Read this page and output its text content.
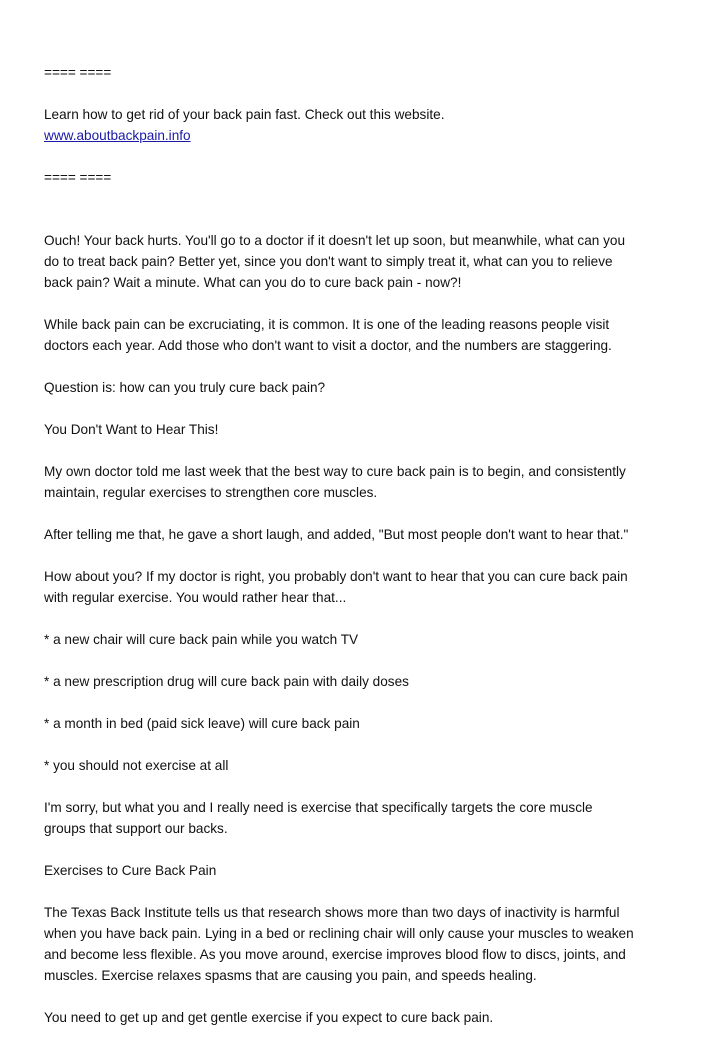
==== ====
Learn how to get rid of your back pain fast. Check out this website.
www.aboutbackpain.info
==== ====
Ouch! Your back hurts. You'll go to a doctor if it doesn't let up soon, but meanwhile, what can you
do to treat back pain? Better yet, since you don't want to simply treat it, what can you to relieve
back pain? Wait a minute. What can you do to cure back pain - now?!
While back pain can be excruciating, it is common. It is one of the leading reasons people visit
doctors each year. Add those who don't want to visit a doctor, and the numbers are staggering.
Question is: how can you truly cure back pain?
You Don't Want to Hear This!
My own doctor told me last week that the best way to cure back pain is to begin, and consistently
maintain, regular exercises to strengthen core muscles.
After telling me that, he gave a short laugh, and added, "But most people don't want to hear that."
How about you? If my doctor is right, you probably don't want to hear that you can cure back pain
with regular exercise. You would rather hear that...
* a new chair will cure back pain while you watch TV
* a new prescription drug will cure back pain with daily doses
* a month in bed (paid sick leave) will cure back pain
* you should not exercise at all
I'm sorry, but what you and I really need is exercise that specifically targets the core muscle
groups that support our backs.
Exercises to Cure Back Pain
The Texas Back Institute tells us that research shows more than two days of inactivity is harmful
when you have back pain. Lying in a bed or reclining chair will only cause your muscles to weaken
and become less flexible. As you move around, exercise improves blood flow to discs, joints, and
muscles. Exercise relaxes spasms that are causing you pain, and speeds healing.
You need to get up and get gentle exercise if you expect to cure back pain.
